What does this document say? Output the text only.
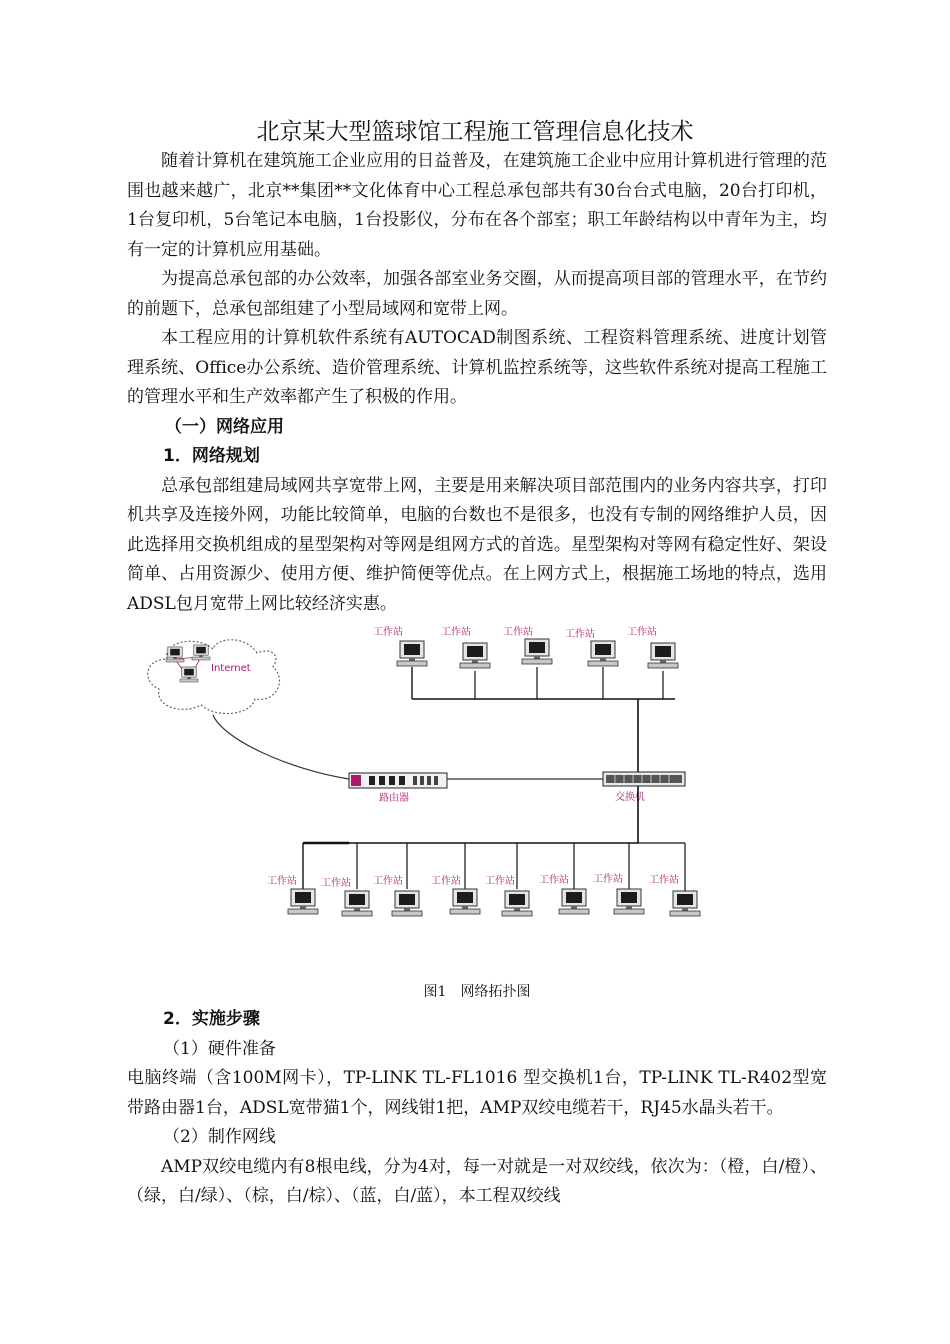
北京某大型篮球馆工程施工管理信息化技术

随着计算机在建筑施工企业应用的日益普及，在建筑施工企业中应用计算机进行管理的范围也越来越广，北京**集团**文化体育中心工程总承包部共有30台台式电脑，20台打印机，1台复印机，5台笔记本电脑，1台投影仪，分布在各个部室；职工年龄结构以中青年为主，均有一定的计算机应用基础。

为提高总承包部的办公效率，加强各部室业务交圈，从而提高项目部的管理水平，在节约的前题下，总承包部组建了小型局域网和宽带上网。

本工程应用的计算机软件系统有AUTOCAD制图系统、工程资料管理系统、进度计划管理系统、Office办公系统、造价管理系统、计算机监控系统等，这些软件系统对提高工程施工的管理水平和生产效率都产生了积极的作用。

（一）网络应用

1．网络规划

总承包部组建局域网共享宽带上网，主要是用来解决项目部范围内的业务内容共享，打印机共享及连接外网，功能比较简单，电脑的台数也不是很多，也没有专制的网络维护人员，因此选择用交换机组成的星型架构对等网是组网方式的首选。星型架构对等网有稳定性好、架设简单、占用资源少、使用方便、维护简便等优点。在上网方式上，根据施工场地的特点，选用ADSL包月宽带上网比较经济实惠。

Internet
路由器	交换机
工作站	工作站	工作站	工作站	工作站
工作站 工作站 工作站	工作站 工作站 工作站 工作站	工作站

图1　网络拓扑图

2．实施步骤

（1）硬件准备

电脑终端（含100M网卡），TP-LINK TL-FL1016 型交换机1台，TP-LINK TL-R402型宽带路由器1台，ADSL宽带猫1个，网线钳1把，AMP双绞电缆若干，RJ45水晶头若干。

（2）制作网线

AMP双绞电缆内有8根电线，分为4对，每一对就是一对双绞线，依次为：（橙，白/橙）、（绿，白/绿）、（棕，白/棕）、（蓝，白/蓝），本工程双绞线
